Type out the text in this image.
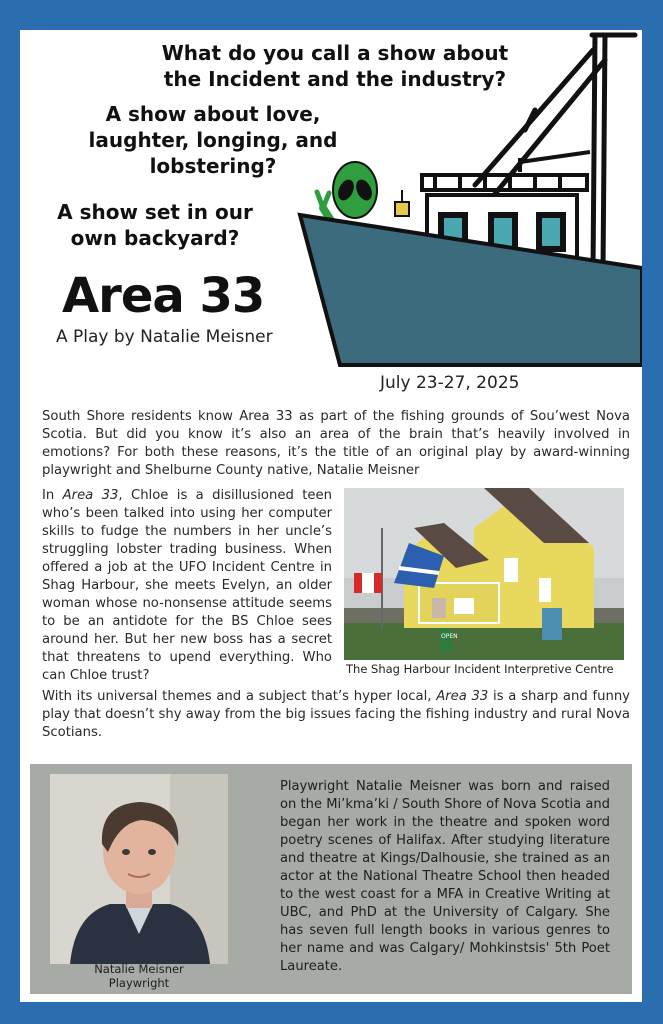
What do you call a show about the Incident and the industry?
A show about love, laughter, longing, and lobstering?
A show set in our own backyard?
Area 33
A Play by Natalie Meisner
July 23-27, 2025
South Shore residents know Area 33 as part of the fishing grounds of Sou’west Nova Scotia. But did you know it’s also an area of the brain that’s heavily involved in emotions? For both these reasons, it’s the title of an original play by award-winning playwright and Shelburne County native, Natalie Meisner
In Area 33, Chloe is a disillusioned teen who’s been talked into using her computer skills to fudge the numbers in her uncle’s struggling lobster trading business. When offered a job at the UFO Incident Centre in Shag Harbour, she meets Evelyn, an older woman whose no-nonsense attitude seems to be an antidote for the BS Chloe sees around her. But her new boss has a secret that threatens to upend everything. Who can Chloe trust?
OPEN
The Shag Harbour Incident Interpretive Centre
With its universal themes and a subject that’s hyper local, Area 33 is a sharp and funny play that doesn’t shy away from the big issues facing the fishing industry and rural Nova Scotians.
Natalie Meisner
Playwright
Playwright Natalie Meisner was born and raised on the Mi’kma’ki / South Shore of Nova Scotia and began her work in the theatre and spoken word poetry scenes of Halifax. After studying literature and theatre at Kings/Dalhousie, she trained as an actor at the National Theatre School then headed to the west coast for a MFA in Creative Writing at UBC, and PhD at the University of Calgary. She has seven full length books in various genres to her name and was Calgary/ Mohkinstsis' 5th Poet Laureate.
